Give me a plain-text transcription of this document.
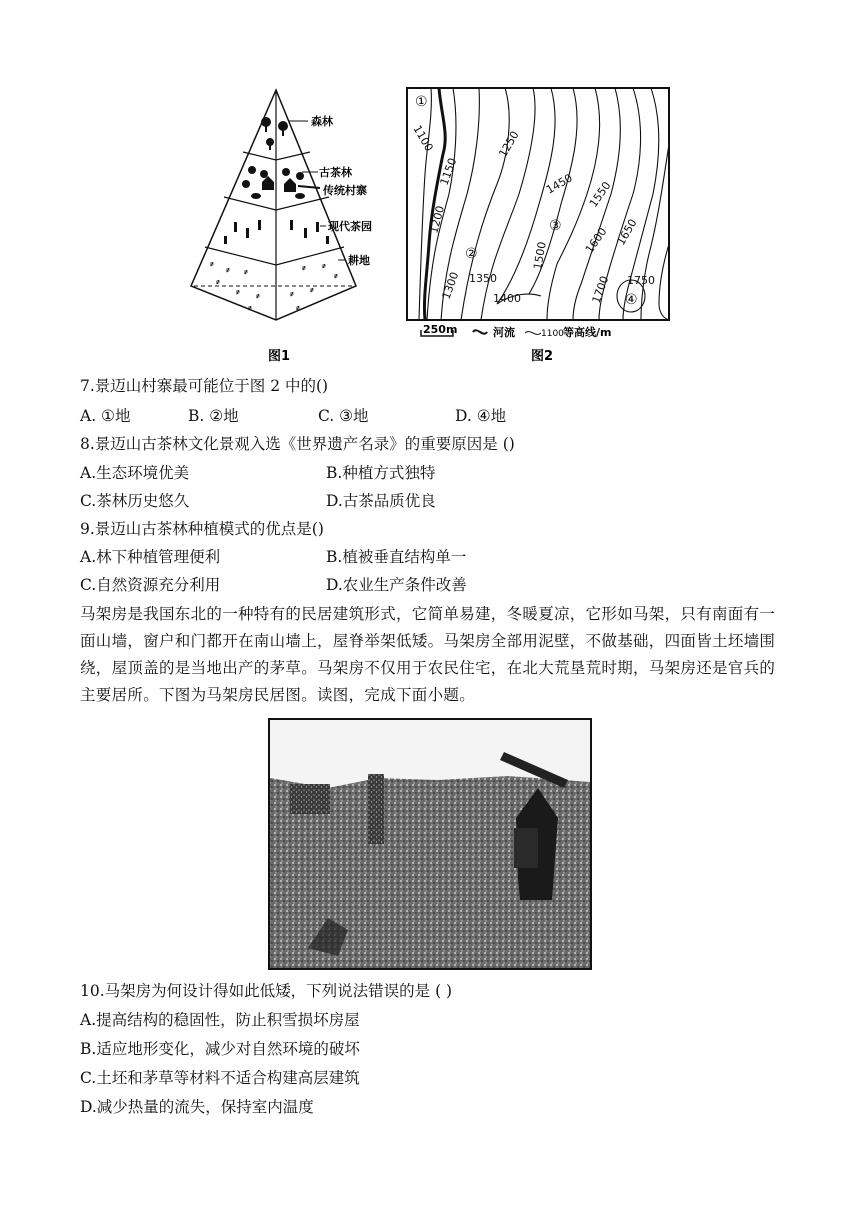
ꬾ
ꬾ ꬾ	ꬾ ꬾ
ꬾ
ꬾ
ꬾ ꬾ	ꬾ ꬾ
ꬾ	ꬾ
森林
古茶林
传统村寨
现代茶园
耕地
图1
1100
1150
1200
1250
1300 1350
1400
1450
1500
1550
1600 1650
1700 1750
①
②
③
④
250m	河流	1100 等高线/m
图2
7.景迈山村寨最可能位于图 2 中的()
A. ①地	B. ②地	C. ③地	D. ④地
8.景迈山古茶林文化景观入选《世界遗产名录》的重要原因是 ()
A.生态环境优美	B.种植方式独特
C.茶林历史悠久	D.古茶品质优良
9.景迈山古茶林种植模式的优点是()
A.林下种植管理便利	B.植被垂直结构单一
C.自然资源充分利用	D.农业生产条件改善
马架房是我国东北的一种特有的民居建筑形式，它简单易建，冬暖夏凉，它形如马架，只有南面有一面山墙，窗户和门都开在南山墙上，屋脊举架低矮。马架房全部用泥壁，不做基础，四面皆土坯墙围绕，屋顶盖的是当地出产的茅草。马架房不仅用于农民住宅，在北大荒垦荒时期，马架房还是官兵的主要居所。下图为马架房民居图。读图，完成下面小题。
10.马架房为何设计得如此低矮，下列说法错误的是 ( )
A.提高结构的稳固性，防止积雪损坏房屋
B.适应地形变化，减少对自然环境的破坏
C.土坯和茅草等材料不适合构建高层建筑
D.减少热量的流失，保持室内温度
